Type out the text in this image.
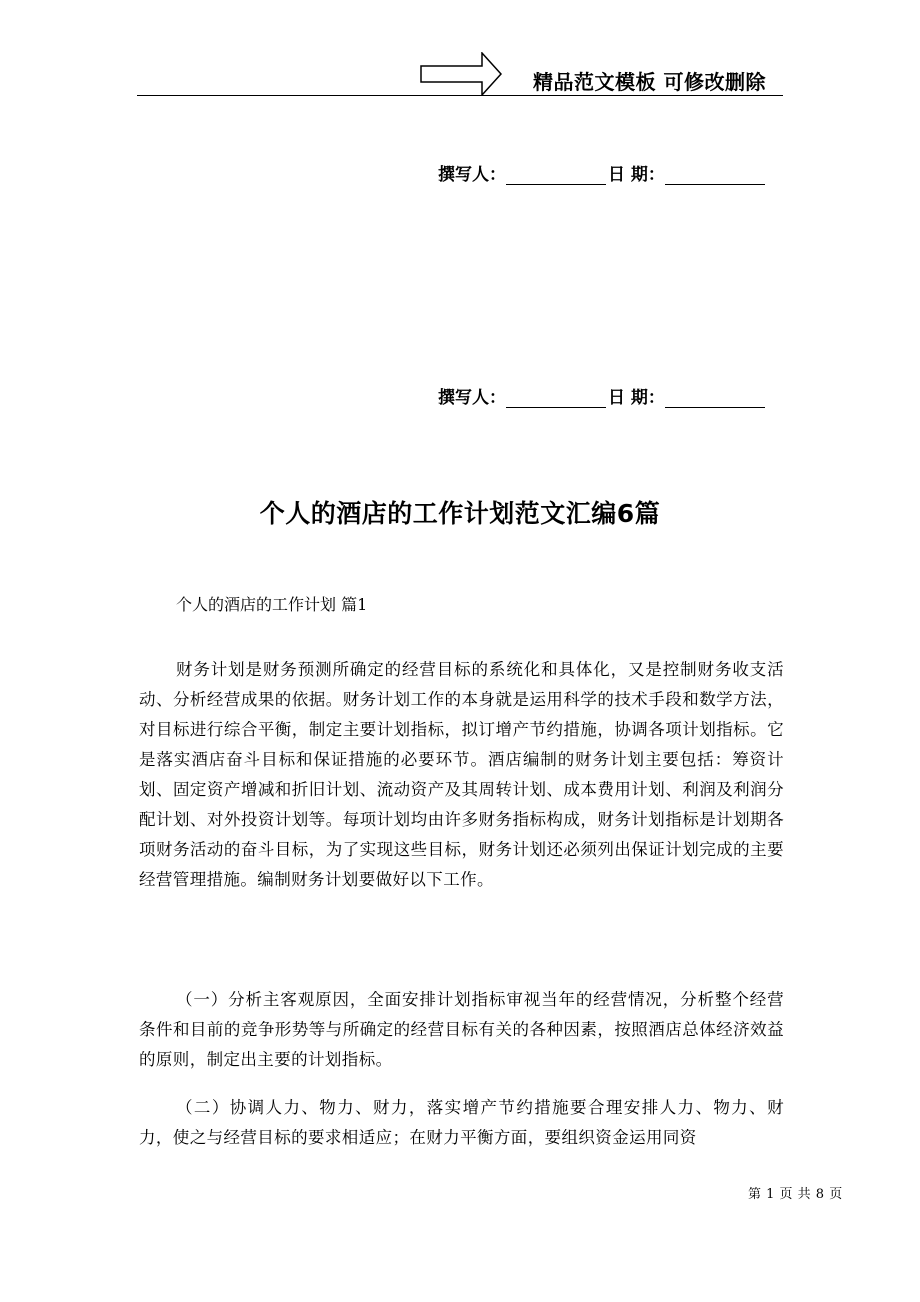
精品范文模板 可修改删除
撰写人：	日 期：
撰写人：	日 期：
个人的酒店的工作计划范文汇编6篇
个人的酒店的工作计划 篇1

财务计划是财务预测所确定的经营目标的系统化和具体化，又是控制财务收支活动、分析经营成果的依据。财务计划工作的本身就是运用科学的技术手段和数学方法，对目标进行综合平衡，制定主要计划指标，拟订增产节约措施，协调各项计划指标。它是落实酒店奋斗目标和保证措施的必要环节。酒店编制的财务计划主要包括：筹资计划、固定资产增减和折旧计划、流动资产及其周转计划、成本费用计划、利润及利润分配计划、对外投资计划等。每项计划均由许多财务指标构成，财务计划指标是计划期各项财务活动的奋斗目标，为了实现这些目标，财务计划还必须列出保证计划完成的主要经营管理措施。编制财务计划要做好以下工作。

（一）分析主客观原因，全面安排计划指标审视当年的经营情况，分析整个经营条件和目前的竞争形势等与所确定的经营目标有关的各种因素，按照酒店总体经济效益的原则，制定出主要的计划指标。

（二）协调人力、物力、财力，落实增产节约措施要合理安排人力、物力、财力，使之与经营目标的要求相适应；在财力平衡方面，要组织资金运用同资

第 1 页 共 8 页
